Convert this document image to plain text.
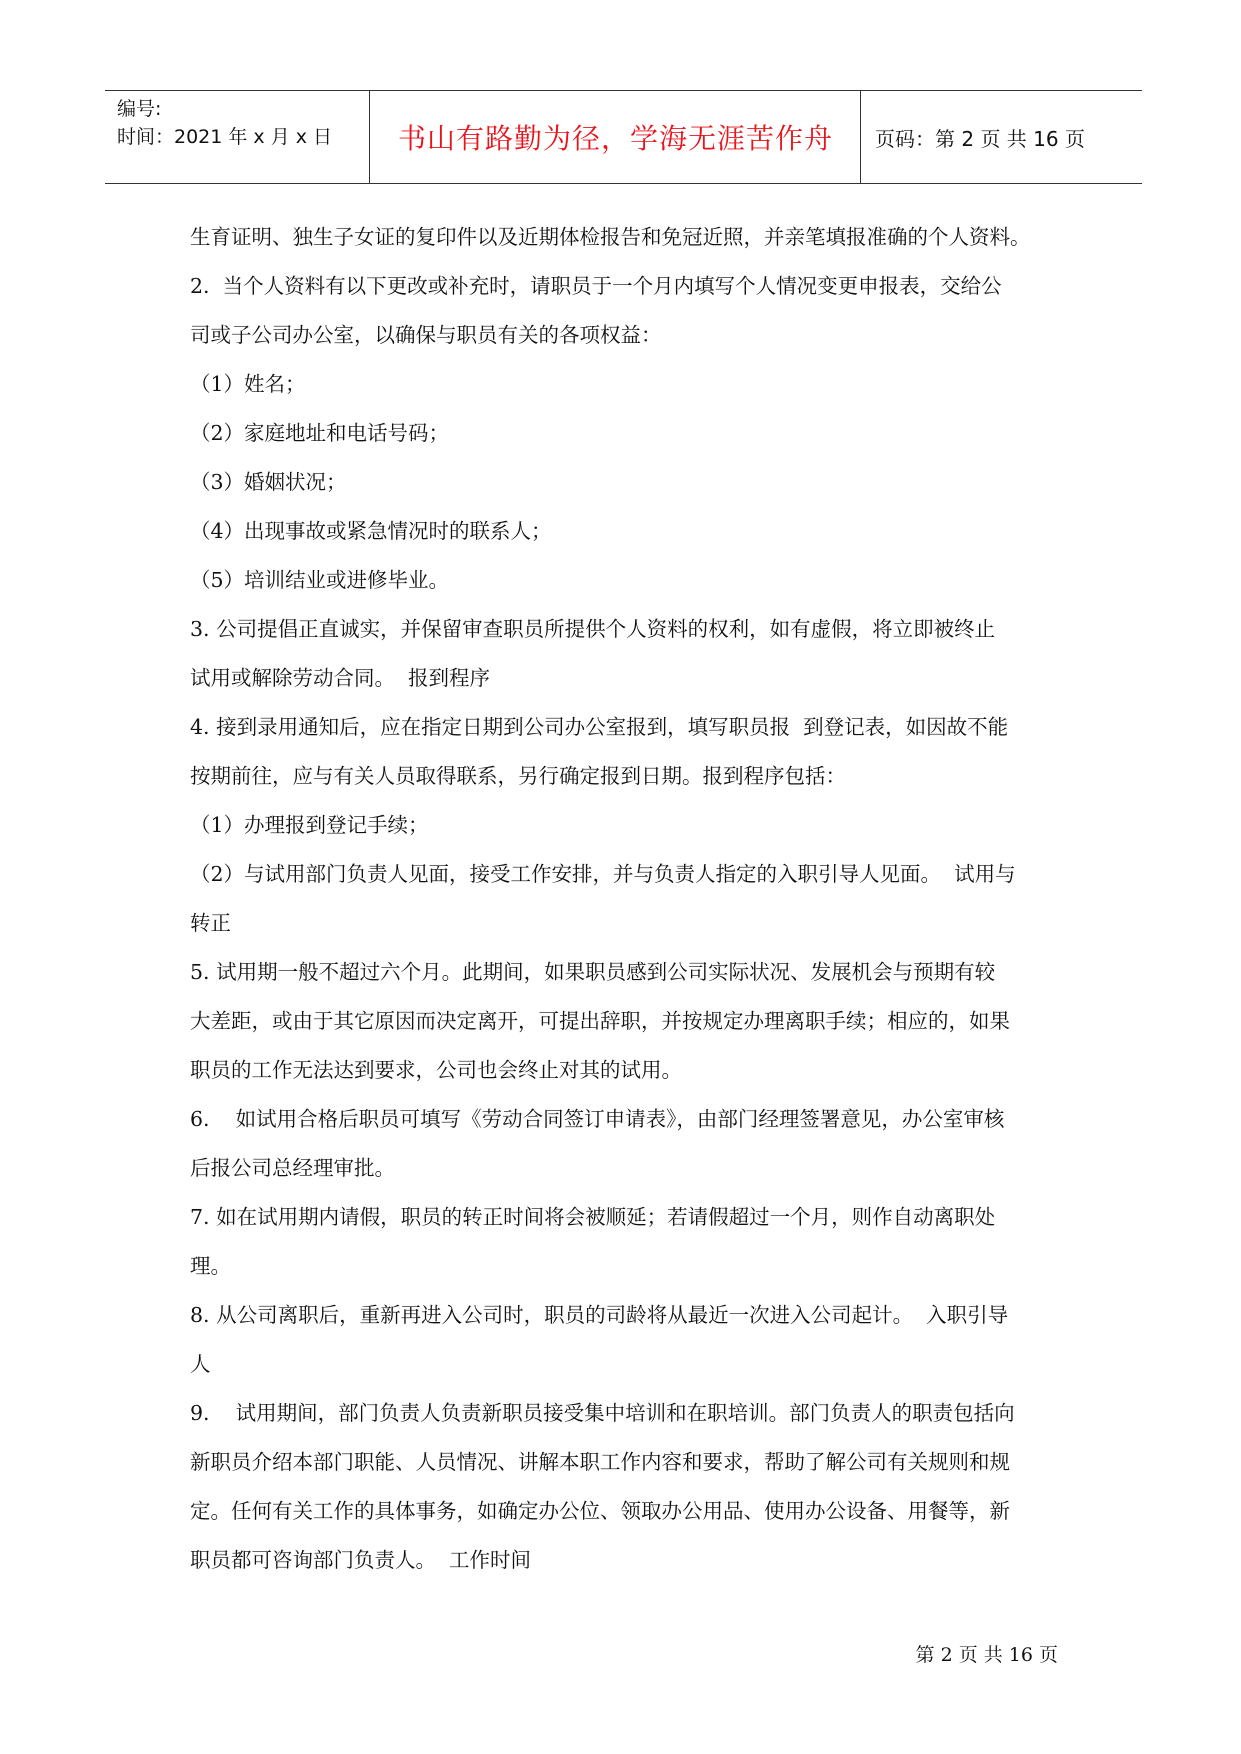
编号:
时间：2021 年 x 月 x 日	书山有路勤为径，学海无涯苦作舟	页码：第 2 页 共 16 页

生育证明、独生子女证的复印件以及近期体检报告和免冠近照，并亲笔填报准确的个人资料。

2.  当个人资料有以下更改或补充时，请职员于一个月内填写个人情况变更申报表，交给公

司或子公司办公室，以确保与职员有关的各项权益：

（1）姓名；

（2）家庭地址和电话号码；

（3）婚姻状况；

（4）出现事故或紧急情况时的联系人；

（5）培训结业或进修毕业。

3. 公司提倡正直诚实，并保留审查职员所提供个人资料的权利，如有虚假，将立即被终止

试用或解除劳动合同。  报到程序

4. 接到录用通知后，应在指定日期到公司办公室报到，填写职员报  到登记表，如因故不能

按期前往，应与有关人员取得联系，另行确定报到日期。报到程序包括：

（1）办理报到登记手续；

（2）与试用部门负责人见面，接受工作安排，并与负责人指定的入职引导人见面。  试用与

转正

5. 试用期一般不超过六个月。此期间，如果职员感到公司实际状况、发展机会与预期有较

大差距，或由于其它原因而决定离开，可提出辞职，并按规定办理离职手续；相应的，如果

职员的工作无法达到要求，公司也会终止对其的试用。

6.    如试用合格后职员可填写《劳动合同签订申请表》，由部门经理签署意见，办公室审核

后报公司总经理审批。

7. 如在试用期内请假，职员的转正时间将会被顺延；若请假超过一个月，则作自动离职处

理。

8. 从公司离职后，重新再进入公司时，职员的司龄将从最近一次进入公司起计。  入职引导

人

9.    试用期间，部门负责人负责新职员接受集中培训和在职培训。部门负责人的职责包括向

新职员介绍本部门职能、人员情况、讲解本职工作内容和要求，帮助了解公司有关规则和规

定。任何有关工作的具体事务，如确定办公位、领取办公用品、使用办公设备、用餐等，新

职员都可咨询部门负责人。  工作时间

第 2 页 共 16 页
